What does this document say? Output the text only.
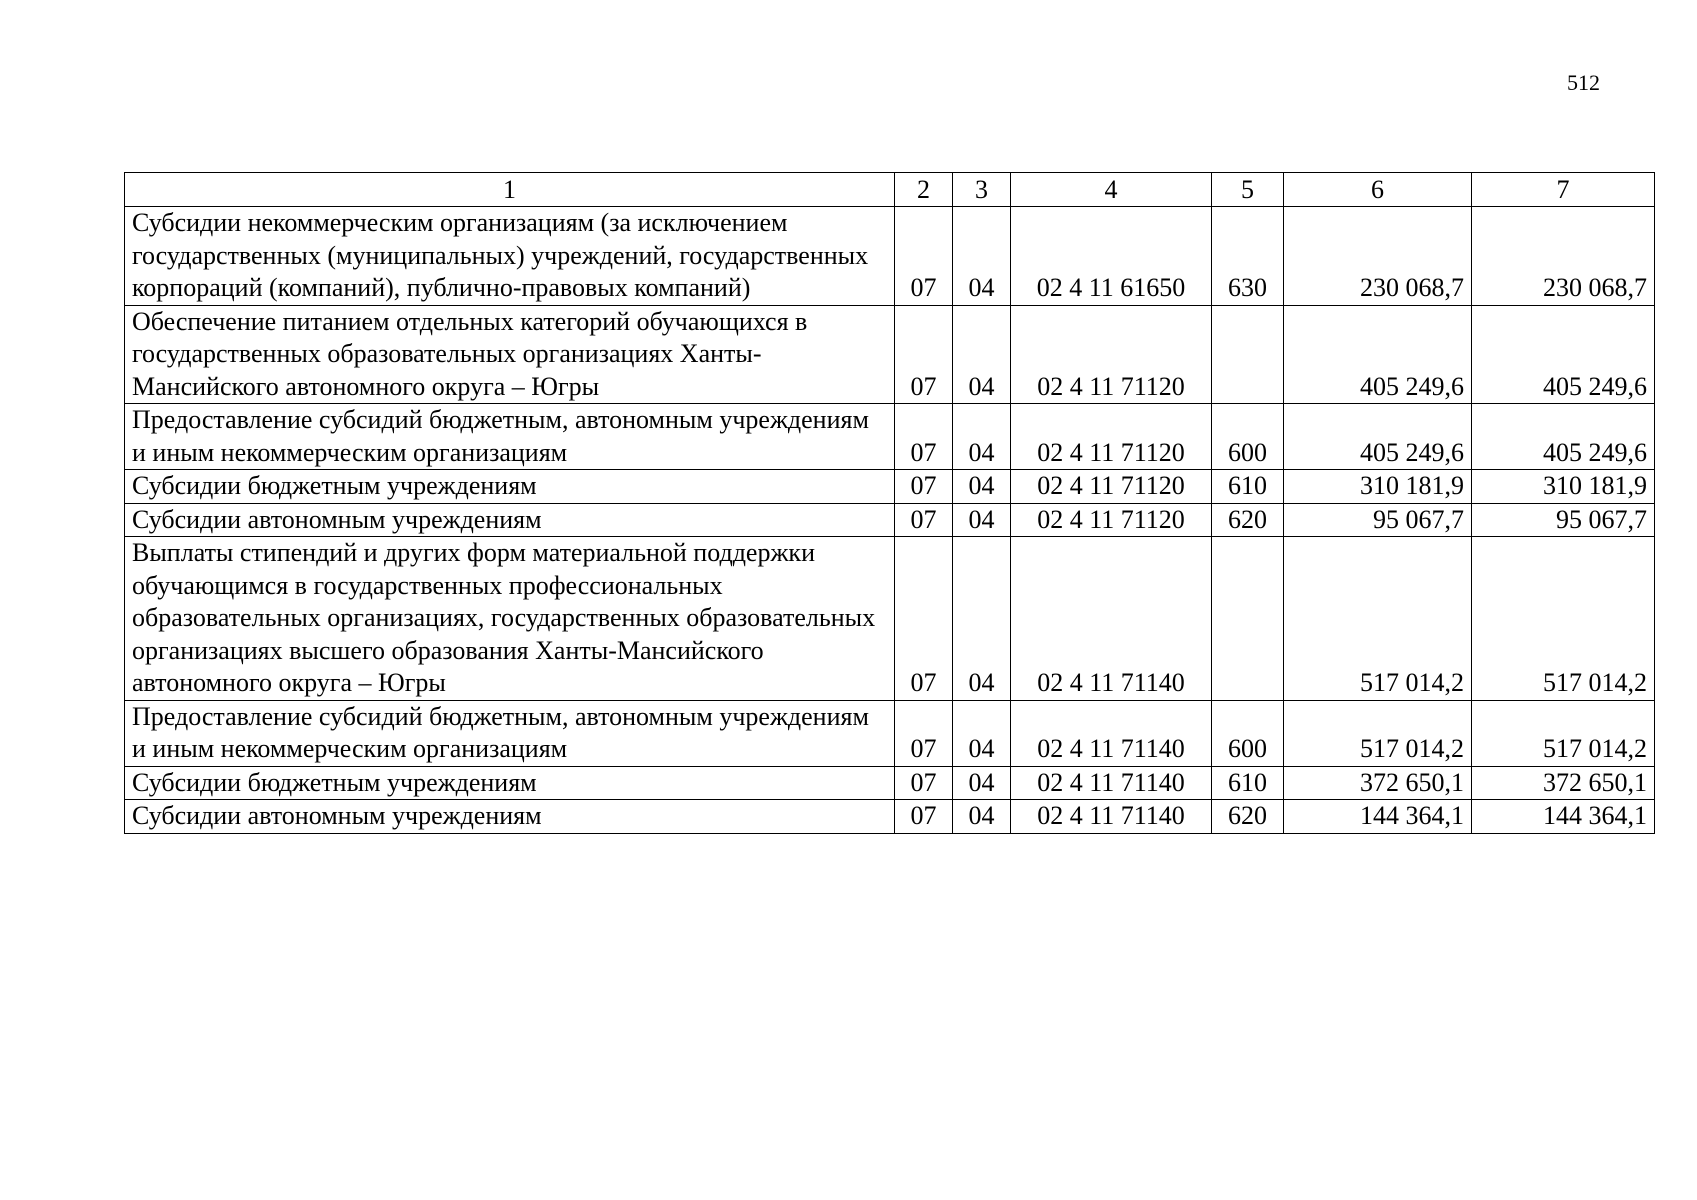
512
1	2	3	4	5	6	7
Субсидии некоммерческим организациям (за исключением государственных (муниципальных) учреждений, государственных корпораций (компаний), публично-правовых компаний)	07	04	02 4 11 61650	630	230 068,7	230 068,7
Обеспечение питанием отдельных категорий обучающихся в государственных образовательных организациях Ханты-Мансийского автономного округа – Югры	07	04	02 4 11 71120		405 249,6	405 249,6
Предоставление субсидий бюджетным, автономным учреждениям и иным некоммерческим организациям	07	04	02 4 11 71120	600	405 249,6	405 249,6
Субсидии бюджетным учреждениям	07	04	02 4 11 71120	610	310 181,9	310 181,9
Субсидии автономным учреждениям	07	04	02 4 11 71120	620	95 067,7	95 067,7
Выплаты стипендий и других форм материальной поддержки обучающимся в государственных профессиональных образовательных организациях, государственных образовательных организациях высшего образования Ханты-Мансийского автономного округа – Югры	07	04	02 4 11 71140		517 014,2	517 014,2
Предоставление субсидий бюджетным, автономным учреждениям и иным некоммерческим организациям	07	04	02 4 11 71140	600	517 014,2	517 014,2
Субсидии бюджетным учреждениям	07	04	02 4 11 71140	610	372 650,1	372 650,1
Субсидии автономным учреждениям	07	04	02 4 11 71140	620	144 364,1	144 364,1
